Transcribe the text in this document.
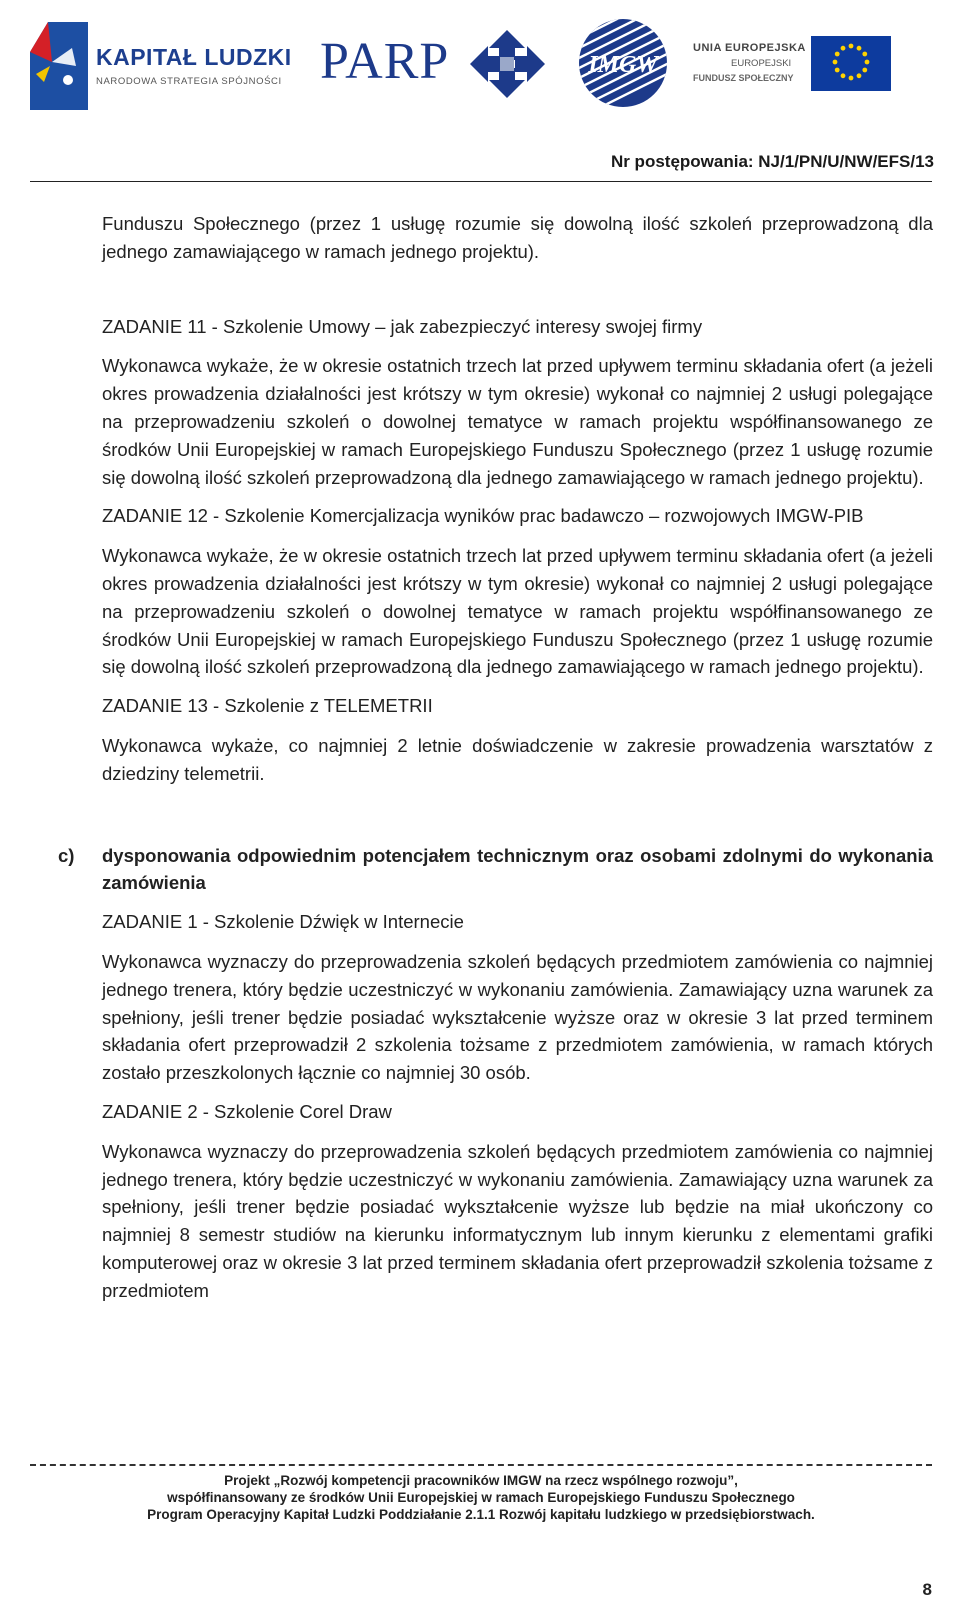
KAPITAŁ LUDZKI
NARODOWA STRATEGIA SPÓJNOŚCI PARP	IMGW
UNIA EUROPEJSKA
EUROPEJSKI
FUNDUSZ SPOŁECZNY
Nr postępowania: NJ/1/PN/U/NW/EFS/13

Funduszu Społecznego (przez 1 usługę rozumie się dowolną ilość szkoleń przeprowadzoną dla jednego zamawiającego w ramach jednego projektu).

ZADANIE 11 - Szkolenie Umowy – jak zabezpieczyć interesy swojej firmy

Wykonawca wykaże, że w okresie ostatnich trzech lat przed upływem terminu składania ofert (a jeżeli okres prowadzenia działalności jest krótszy w tym okresie) wykonał co najmniej 2 usługi polegające na przeprowadzeniu szkoleń o dowolnej tematyce w ramach projektu współfinansowanego ze środków Unii Europejskiej w ramach Europejskiego Funduszu Społecznego (przez 1 usługę rozumie się dowolną ilość szkoleń przeprowadzoną dla jednego zamawiającego w ramach jednego projektu).

ZADANIE 12 - Szkolenie Komercjalizacja wyników prac badawczo – rozwojowych IMGW-PIB

Wykonawca wykaże, że w okresie ostatnich trzech lat przed upływem terminu składania ofert (a jeżeli okres prowadzenia działalności jest krótszy w tym okresie) wykonał co najmniej 2 usługi polegające na przeprowadzeniu szkoleń o dowolnej tematyce w ramach projektu współfinansowanego ze środków Unii Europejskiej w ramach Europejskiego Funduszu Społecznego (przez 1 usługę rozumie się dowolną ilość szkoleń przeprowadzoną dla jednego zamawiającego w ramach jednego projektu).

ZADANIE 13 - Szkolenie z TELEMETRII

Wykonawca wykaże, co najmniej 2 letnie doświadczenie w zakresie prowadzenia warsztatów z dziedziny telemetrii.

c) dysponowania odpowiednim potencjałem technicznym oraz osobami zdolnymi do wykonania zamówienia

ZADANIE 1 - Szkolenie Dźwięk w Internecie

Wykonawca wyznaczy do przeprowadzenia szkoleń będących przedmiotem zamówienia co najmniej jednego trenera, który będzie uczestniczyć w wykonaniu zamówienia. Zamawiający uzna warunek za spełniony, jeśli trener będzie posiadać wykształcenie wyższe oraz w okresie 3 lat przed terminem składania ofert przeprowadził 2 szkolenia tożsame z przedmiotem zamówienia, w ramach których zostało przeszkolonych łącznie co najmniej 30 osób.

ZADANIE 2 - Szkolenie Corel Draw

Wykonawca wyznaczy do przeprowadzenia szkoleń będących przedmiotem zamówienia co najmniej jednego trenera, który będzie uczestniczyć w wykonaniu zamówienia. Zamawiający uzna warunek za spełniony, jeśli trener będzie posiadać wykształcenie wyższe lub będzie na miał ukończony co najmniej 8 semestr studiów na kierunku informatycznym lub innym kierunku z elementami grafiki komputerowej oraz w okresie 3 lat przed terminem składania ofert przeprowadził szkolenia tożsame z przedmiotem

Projekt „Rozwój kompetencji pracowników IMGW na rzecz wspólnego rozwoju”,
współfinansowany ze środków Unii Europejskiej w ramach Europejskiego Funduszu Społecznego
Program Operacyjny Kapitał Ludzki Poddziałanie 2.1.1 Rozwój kapitału ludzkiego w przedsiębiorstwach.
8
